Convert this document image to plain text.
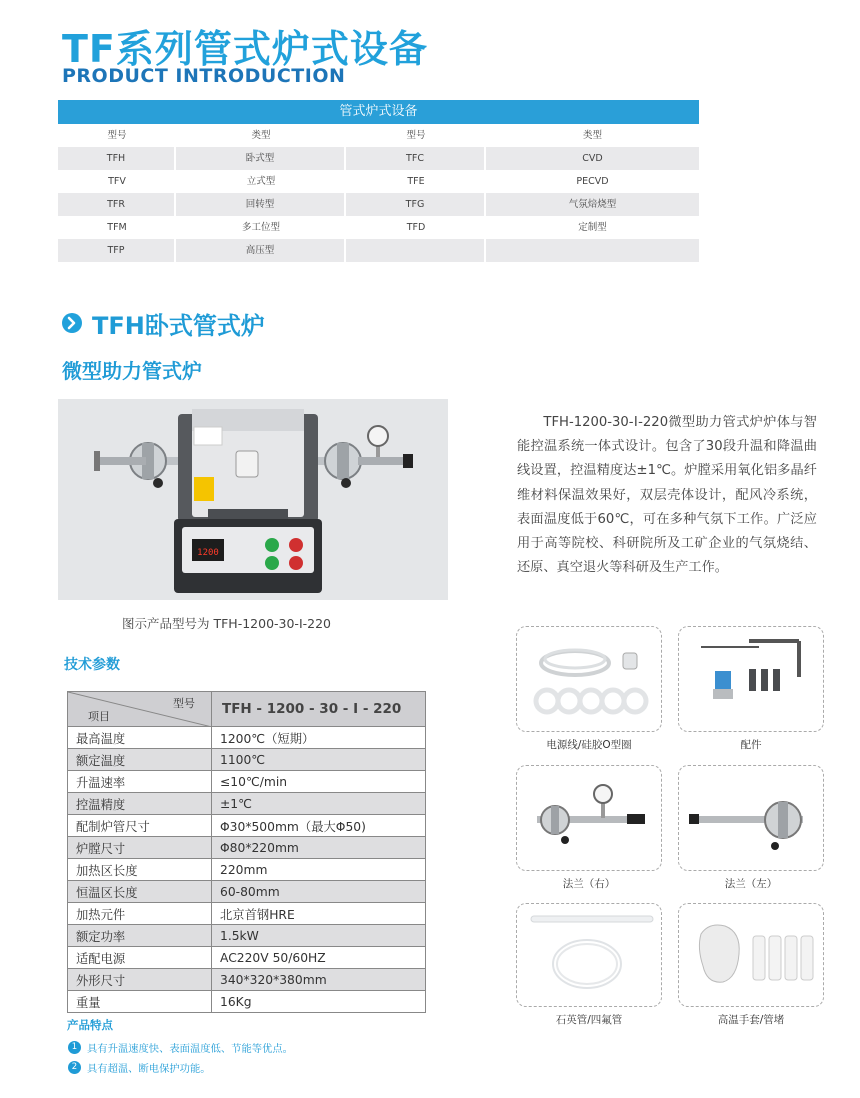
TF系列管式炉式设备
PRODUCT INTRODUCTION
管式炉式设备
型号	类型	型号	类型
TFH	卧式型	TFC	CVD
TFV	立式型	TFE	PECVD
TFR	回转型	TFG	气氛焙烧型
TFM	多工位型	TFD	定制型
TFP	高压型
TFH卧式管式炉
微型助力管式炉
1200
图示产品型号为 TFH-1200-30-Ⅰ-220
TFH-1200-30-Ⅰ-220微型助力管式炉炉体与智能控温系统一体式设计。包含了30段升温和降温曲线设置，控温精度达±1℃。炉膛采用氧化铝多晶纤维材料保温效果好，双层壳体设计，配风冷系统，表面温度低于60℃，可在多种气氛下工作。广泛应用于高等院校、科研院所及工矿企业的气氛烧结、还原、真空退火等科研及生产工作。
技术参数
型号
项目	TFH - 1200 - 30 - Ⅰ - 220
最高温度	1200℃（短期）
额定温度	1100℃
升温速率	≤10℃/min
控温精度	±1℃
配制炉管尺寸	Φ30*500mm（最大Φ50)
炉膛尺寸	Φ80*220mm
加热区长度	220mm
恒温区长度	60-80mm
加热元件	北京首钢HRE
额定功率	1.5kW
适配电源	AC220V 50/60HZ
外形尺寸	340*320*380mm
重量	16Kg
产品特点
1 具有升温速度快、表面温度低、节能等优点。
2 具有超温、断电保护功能。
电源线/硅胶O型圈	配件
法兰（右）	法兰（左）
石英管/四氟管	高温手套/管堵
